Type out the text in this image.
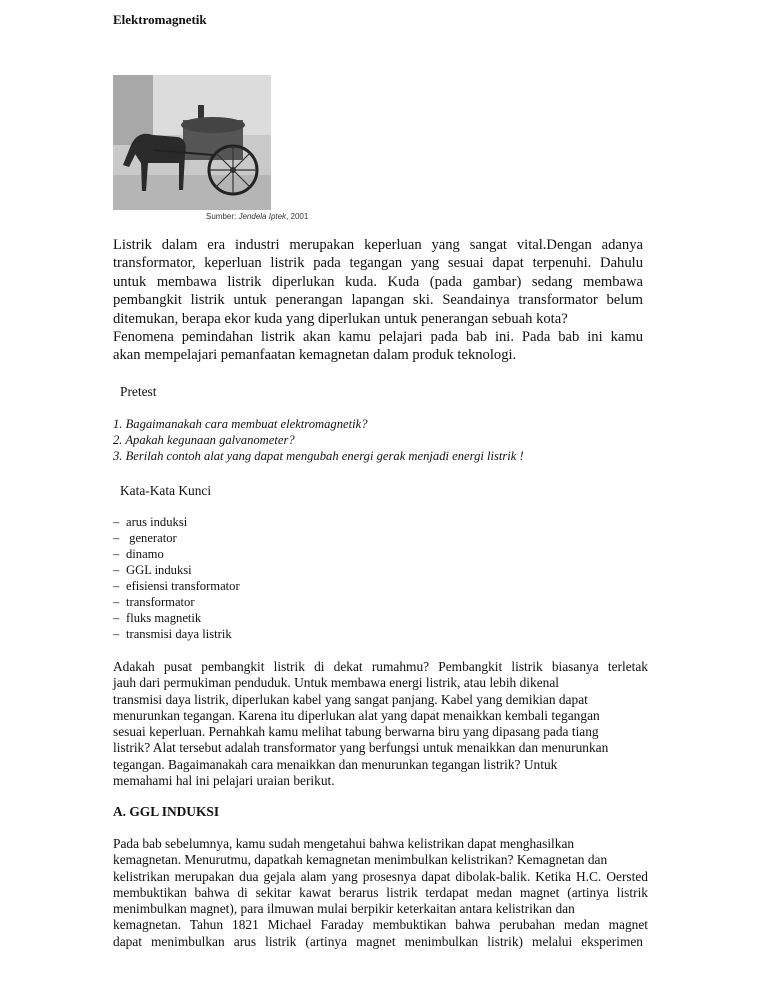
Elektromagnetik
Sumber: Jendela Iptek, 2001
Listrik dalam era industri merupakan keperluan yang sangat vital.Dengan adanya
transformator, keperluan listrik pada tegangan yang sesuai dapat terpenuhi. Dahulu
untuk membawa listrik diperlukan kuda. Kuda (pada gambar) sedang membawa
pembangkit listrik untuk penerangan lapangan ski. Seandainya transformator belum
ditemukan, berapa ekor kuda yang diperlukan untuk penerangan sebuah kota?
Fenomena pemindahan listrik akan kamu pelajari pada bab ini. Pada bab ini kamu
akan mempelajari pemanfaatan kemagnetan dalam produk teknologi.
Pretest
1. Bagaimanakah cara membuat elektromagnetik?
2. Apakah kegunaan galvanometer?
3. Berilah contoh alat yang dapat mengubah energi gerak menjadi energi listrik !
Kata-Kata Kunci
– arus induksi
– generator
– dinamo
– GGL induksi
– efisiensi transformator
– transformator
– fluks magnetik
– transmisi daya listrik
Adakah pusat pembangkit listrik di dekat rumahmu? Pembangkit listrik biasanya terletak
jauh dari permukiman penduduk. Untuk membawa energi listrik, atau lebih dikenal
transmisi daya listrik, diperlukan kabel yang sangat panjang. Kabel yang demikian dapat
menurunkan tegangan. Karena itu diperlukan alat yang dapat menaikkan kembali tegangan
sesuai keperluan. Pernahkah kamu melihat tabung berwarna biru yang dipasang pada tiang
listrik? Alat tersebut adalah transformator yang berfungsi untuk menaikkan dan menurunkan
tegangan. Bagaimanakah cara menaikkan dan menurunkan tegangan listrik? Untuk
memahami hal ini pelajari uraian berikut.
A. GGL INDUKSI
Pada bab sebelumnya, kamu sudah mengetahui bahwa kelistrikan dapat menghasilkan
kemagnetan. Menurutmu, dapatkah kemagnetan menimbulkan kelistrikan? Kemagnetan dan
kelistrikan merupakan dua gejala alam yang prosesnya dapat dibolak-balik. Ketika H.C. Oersted
membuktikan bahwa di sekitar kawat berarus listrik terdapat medan magnet (artinya listrik
menimbulkan magnet), para ilmuwan mulai berpikir keterkaitan antara kelistrikan dan
kemagnetan. Tahun 1821 Michael Faraday membuktikan bahwa perubahan medan magnet
dapat menimbulkan arus listrik (artinya magnet menimbulkan listrik) melalui eksperimen
